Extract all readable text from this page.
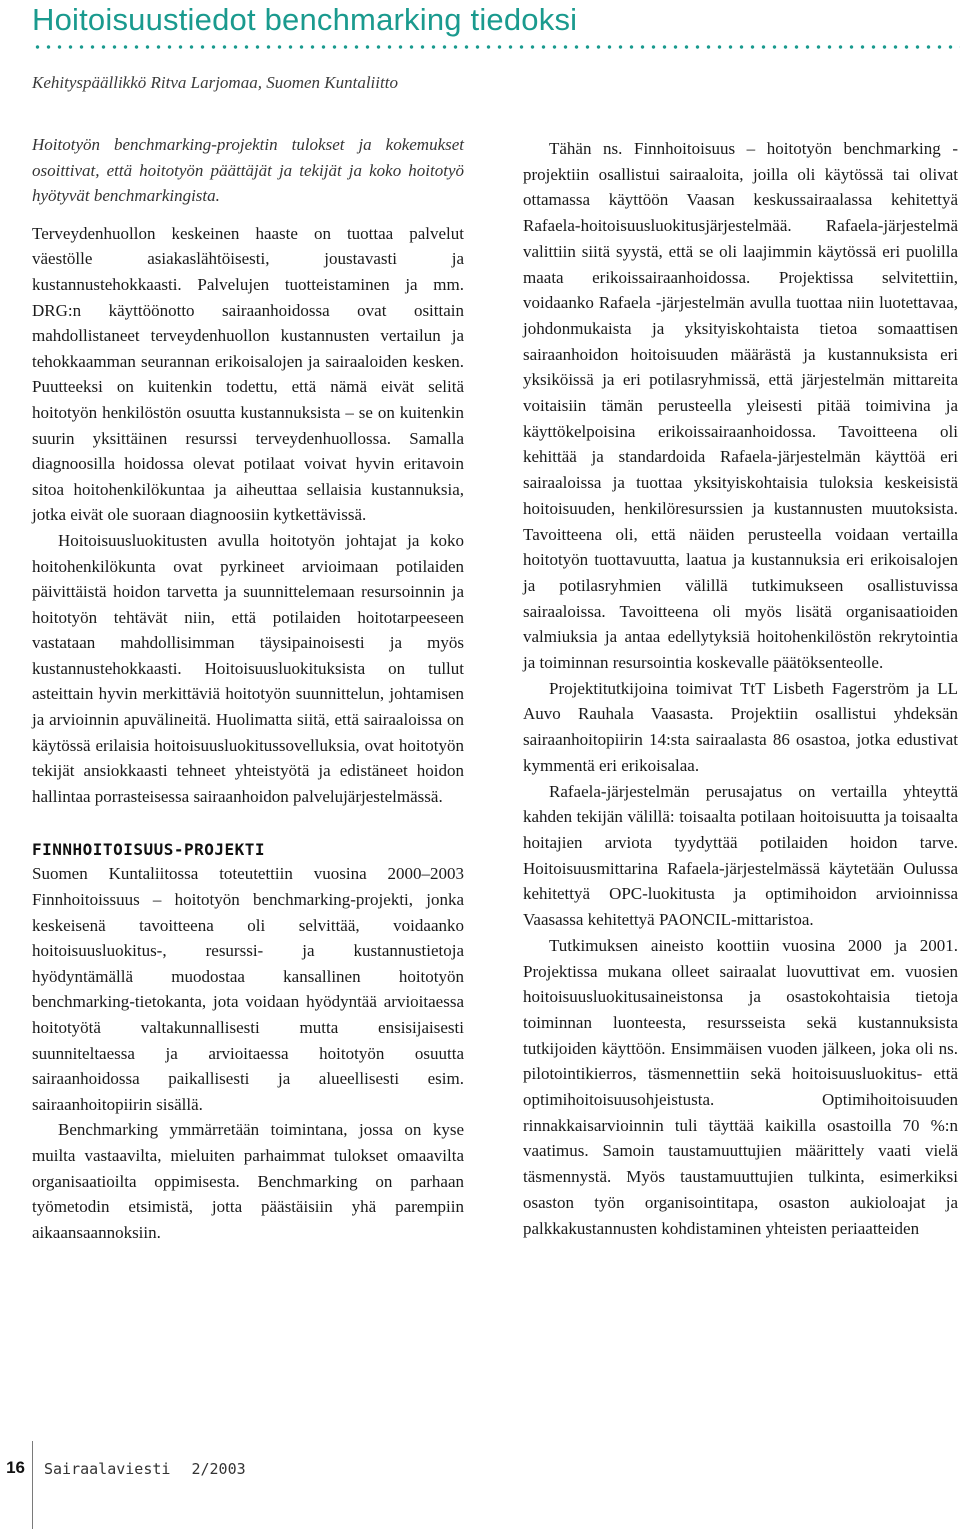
Hoitoisuustiedot benchmarking tiedoksi

Kehityspäällikkö Ritva Larjomaa, Suomen Kuntaliitto

Hoitotyön benchmarking-projektin tulokset ja kokemukset osoittivat, että hoitotyön päättäjät ja tekijät ja koko hoitotyö hyötyvät benchmarkingista.

Terveydenhuollon keskeinen haaste on tuottaa palvelut väestölle asiakaslähtöisesti, joustavasti ja kustannustehokkaasti. Palvelujen tuotteistaminen ja mm. DRG:n käyttöönotto sairaanhoidossa ovat osittain mahdollistaneet terveydenhuollon kustannusten vertailun ja tehokkaamman seurannan erikoisalojen ja sairaaloiden kesken. Puutteeksi on kuitenkin todettu, että nämä eivät selitä hoitotyön henkilöstön osuutta kustannuksista – se on kuitenkin suurin yksittäinen resurssi terveydenhuollossa. Samalla diagnoosilla hoidossa olevat potilaat voivat hyvin eritavoin sitoa hoitohenkilökuntaa ja aiheuttaa sellaisia kustannuksia, jotka eivät ole suoraan diagnoosiin kytkettävissä.

Hoitoisuusluokitusten avulla hoitotyön johtajat ja koko hoitohenkilökunta ovat pyrkineet arvioimaan potilaiden päivittäistä hoidon tarvetta ja suunnittelemaan resursoinnin ja hoitotyön tehtävät niin, että potilaiden hoitotarpeeseen vastataan mahdollisimman täysipainoisesti ja myös kustannustehokkaasti. Hoitoisuusluokituksista on tullut asteittain hyvin merkittäviä hoitotyön suunnittelun, johtamisen ja arvioinnin apuvälineitä. Huolimatta siitä, että sairaaloissa on käytössä erilaisia hoitoisuusluokitussovelluksia, ovat hoitotyön tekijät ansiokkaasti tehneet yhteistyötä ja edistäneet hoidon hallintaa porrasteisessa sairaanhoidon palvelujärjestelmässä.

FINNHOITOISUUS-PROJEKTI

Suomen Kuntaliitossa toteutettiin vuosina 2000–2003 Finnhoitoissuus – hoitotyön benchmarking-projekti, jonka keskeisenä tavoitteena oli selvittää, voidaanko hoitoisuusluokitus-, resurssi- ja kustannustietoja hyödyntämällä muodostaa kansallinen hoitotyön benchmarking-tietokanta, jota voidaan hyödyntää arvioitaessa hoitotyötä valtakunnallisesti mutta ensisijaisesti suunniteltaessa ja arvioitaessa hoitotyön osuutta sairaanhoidossa paikallisesti ja alueellisesti esim. sairaanhoitopiirin sisällä.

Benchmarking ymmärretään toimintana, jossa on kyse muilta vastaavilta, mieluiten parhaimmat tulokset omaavilta organisaatioilta oppimisesta. Benchmarking on parhaan työmetodin etsimistä, jotta päästäisiin yhä parempiin aikaansaannoksiin.

Tähän ns. Finnhoitoisuus – hoitotyön benchmarking -projektiin osallistui sairaaloita, joilla oli käytössä tai olivat ottamassa käyttöön Vaasan keskussairaalassa kehitettyä Rafaela-hoitoisuusluokitusjärjestelmää. Rafaela-järjestelmä valittiin siitä syystä, että se oli laajimmin käytössä eri puolilla maata erikoissairaanhoidossa. Projektissa selvitettiin, voidaanko Rafaela -järjestelmän avulla tuottaa niin luotettavaa, johdonmukaista ja yksityiskohtaista tietoa somaattisen sairaanhoidon hoitoisuuden määrästä ja kustannuksista eri yksiköissä ja eri potilasryhmissä, että järjestelmän mittareita voitaisiin tämän perusteella yleisesti pitää toimivina ja käyttökelpoisina erikoissairaanhoidossa. Tavoitteena oli kehittää ja standardoida Rafaela-järjestelmän käyttöä eri sairaaloissa ja tuottaa yksityiskohtaisia tuloksia keskeisistä hoitoisuuden, henkilöresurssien ja kustannusten muutoksista. Tavoitteena oli, että näiden perusteella voidaan vertailla hoitotyön tuottavuutta, laatua ja kustannuksia eri erikoisalojen ja potilasryhmien välillä tutkimukseen osallistuvissa sairaaloissa. Tavoitteena oli myös lisätä organisaatioiden valmiuksia ja antaa edellytyksiä hoitohenkilöstön rekrytointia ja toiminnan resursointia koskevalle päätöksenteolle.

Projektitutkijoina toimivat TtT Lisbeth Fagerström ja LL Auvo Rauhala Vaasasta. Projektiin osallistui yhdeksän sairaanhoitopiirin 14:sta sairaalasta 86 osastoa, jotka edustivat kymmentä eri erikoisalaa.

Rafaela-järjestelmän perusajatus on vertailla yhteyttä kahden tekijän välillä: toisaalta potilaan hoitoisuutta ja toisaalta hoitajien arviota tyydyttää potilaiden hoidon tarve. Hoitoisuusmittarina Rafaela-järjestelmässä käytetään Oulussa kehitettyä OPC-luokitusta ja optimihoidon arvioinnissa Vaasassa kehitettyä PAONCIL-mittaristoa.

Tutkimuksen aineisto koottiin vuosina 2000 ja 2001. Projektissa mukana olleet sairaalat luovuttivat em. vuosien hoitoisuusluokitusaineistonsa ja osastokohtaisia tietoja toiminnan luonteesta, resursseista sekä kustannuksista tutkijoiden käyttöön. Ensimmäisen vuoden jälkeen, joka oli ns. pilotointikierros, täsmennettiin sekä hoitoisuusluokitus- että optimihoitoisuusohjeistusta. Optimihoitoisuuden rinnakkaisarvioinnin tuli täyttää kaikilla osastoilla 70 %:n vaatimus. Samoin taustamuuttujien määrittely vaati vielä täsmennystä. Myös taustamuuttujien tulkinta, esimerkiksi osaston työn organisointitapa, osaston aukioloajat ja palkkakustannusten kohdistaminen yhteisten periaatteiden

16 Sairaalaviesti 2/2003
